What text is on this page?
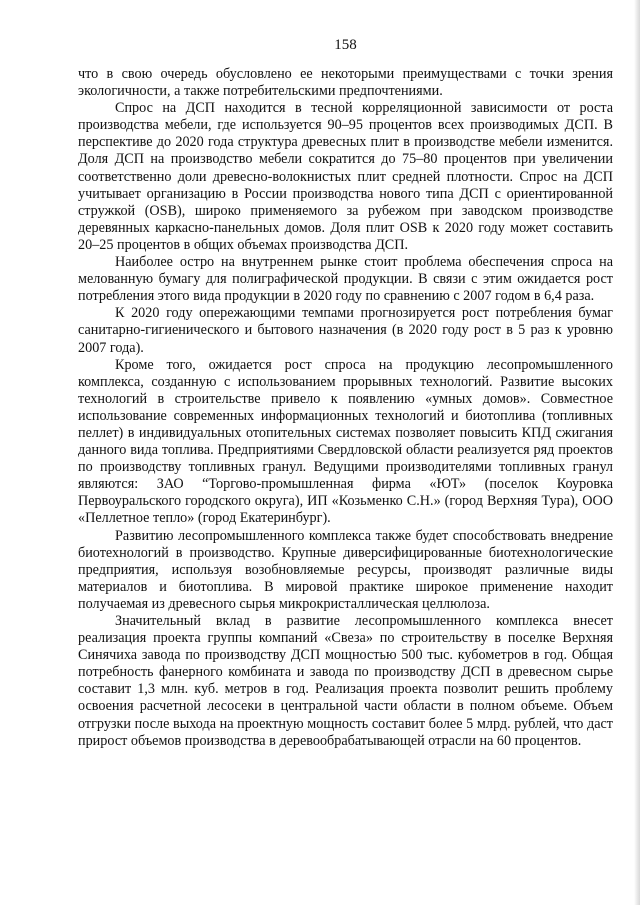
158

что в свою очередь обусловлено ее некоторыми преимуществами с точки зрения экологичности, а также потребительскими предпочтениями.

Спрос на ДСП находится в тесной корреляционной зависимости от роста производства мебели, где используется 90–95 процентов всех производимых ДСП. В перспективе до 2020 года структура древесных плит в производстве мебели изменится. Доля ДСП на производство мебели сократится до 75–80 процентов при увеличении соответственно доли древесно-волокнистых плит средней плотности. Спрос на ДСП учитывает организацию в России производства нового типа ДСП с ориентированной стружкой (OSB), широко применяемого за рубежом при заводском производстве деревянных каркасно-панельных домов. Доля плит OSB к 2020 году может составить 20–25 процентов в общих объемах производства ДСП.

Наиболее остро на внутреннем рынке стоит проблема обеспечения спроса на мелованную бумагу для полиграфической продукции. В связи с этим ожидается рост потребления этого вида продукции в 2020 году по сравнению с 2007 годом в 6,4 раза.

К 2020 году опережающими темпами прогнозируется рост потребления бумаг санитарно-гигиенического и бытового назначения (в 2020 году рост в 5 раз к уровню 2007 года).

Кроме того, ожидается рост спроса на продукцию лесопромышленного комплекса, созданную с использованием прорывных технологий. Развитие высоких технологий в строительстве привело к появлению «умных домов». Совместное использование современных информационных технологий и биотоплива (топливных пеллет) в индивидуальных отопительных системах позволяет повысить КПД сжигания данного вида топлива. Предприятиями Свердловской области реализуется ряд проектов по производству топливных гранул. Ведущими производителями топливных гранул являются: ЗАО “Торгово-промышленная фирма «ЮТ» (поселок Коуровка Первоуральского городского округа), ИП «Козьменко С.Н.» (город Верхняя Тура), ООО «Пеллетное тепло» (город Екатеринбург).

Развитию лесопромышленного комплекса также будет способствовать внедрение биотехнологий в производство. Крупные диверсифицированные биотехнологические предприятия, используя возобновляемые ресурсы, производят различные виды материалов и биотоплива. В мировой практике широкое применение находит получаемая из древесного сырья микрокристаллическая целлюлоза.

Значительный вклад в развитие лесопромышленного комплекса внесет реализация проекта группы компаний «Свеза» по строительству в поселке Верхняя Синячиха завода по производству ДСП мощностью 500 тыс. кубометров в год. Общая потребность фанерного комбината и завода по производству ДСП в древесном сырье составит 1,3 млн. куб. метров в год. Реализация проекта позволит решить проблему освоения расчетной лесосеки в центральной части области в полном объеме. Объем отгрузки после выхода на проектную мощность составит более 5 млрд. рублей, что даст прирост объемов производства в деревообрабатывающей отрасли на 60 процентов.
